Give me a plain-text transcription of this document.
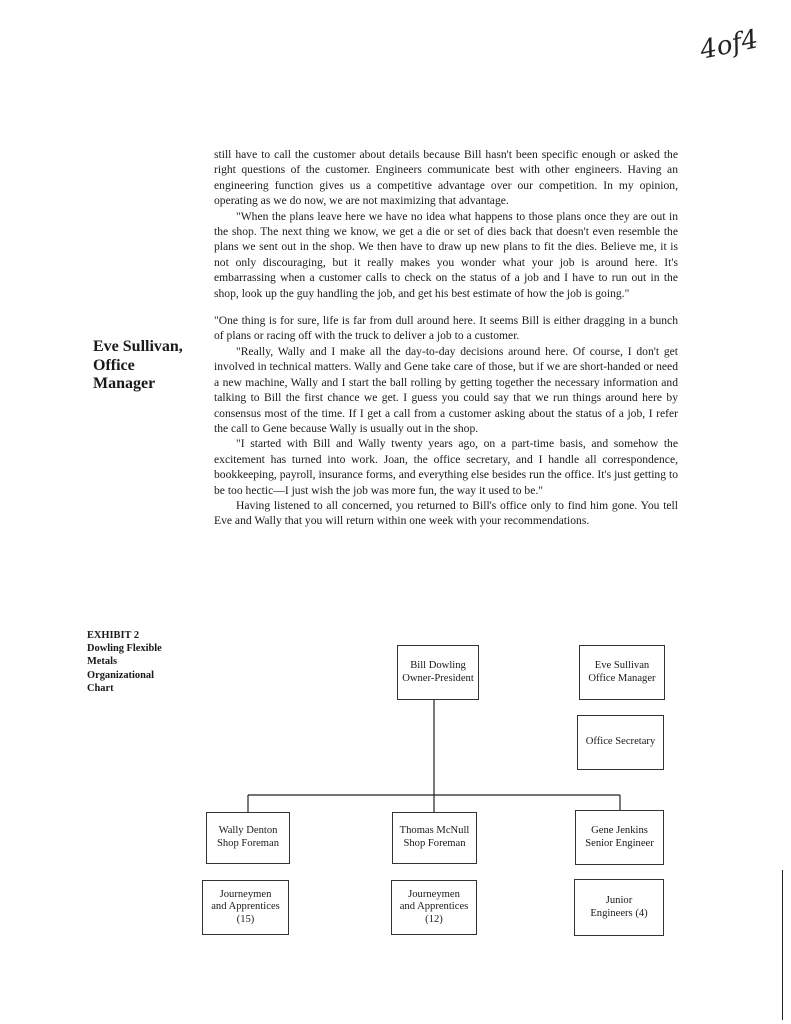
4of4

still have to call the customer about details because Bill hasn't been specific enough or asked the right questions of the customer. Engineers communicate best with other engineers. Having an engineering function gives us a competitive advantage over our competition. In my opinion, operating as we do now, we are not maximizing that advantage.

"When the plans leave here we have no idea what happens to those plans once they are out in the shop. The next thing we know, we get a die or set of dies back that doesn't even resemble the plans we sent out in the shop. We then have to draw up new plans to fit the dies. Believe me, it is not only discouraging, but it really makes you wonder what your job is around here. It's embarrassing when a customer calls to check on the status of a job and I have to run out in the shop, look up the guy handling the job, and get his best estimate of how the job is going."

"One thing is for sure, life is far from dull around here. It seems Bill is either dragging in a bunch of plans or racing off with the truck to deliver a job to a customer.

"Really, Wally and I make all the day-to-day decisions around here. Of course, I don't get involved in technical matters. Wally and Gene take care of those, but if we are short-handed or need a new machine, Wally and I start the ball rolling by getting together the necessary information and talking to Bill the first chance we get. I guess you could say that we run things around here by consensus most of the time. If I get a call from a customer asking about the status of a job, I refer the call to Gene because Wally is usually out in the shop.

"I started with Bill and Wally twenty years ago, on a part-time basis, and somehow the excitement has turned into work. Joan, the office secretary, and I handle all correspondence, bookkeeping, payroll, insurance forms, and everything else besides run the office. It's just getting to be too hectic—I just wish the job was more fun, the way it used to be."

Having listened to all concerned, you returned to Bill's office only to find him gone. You tell Eve and Wally that you will return within one week with your recommendations.

Eve Sullivan,
Office
Manager
EXHIBIT 2
Dowling Flexible
Metals
Organizational
Chart
Bill Dowling
Owner-President
Eve Sullivan
Office Manager
Office Secretary
Wally Denton
Shop Foreman
Thomas McNull
Shop Foreman
Gene Jenkins
Senior Engineer
Journeymen
and Apprentices
(15)
Journeymen
and Apprentices
(12)
Junior
Engineers (4)
